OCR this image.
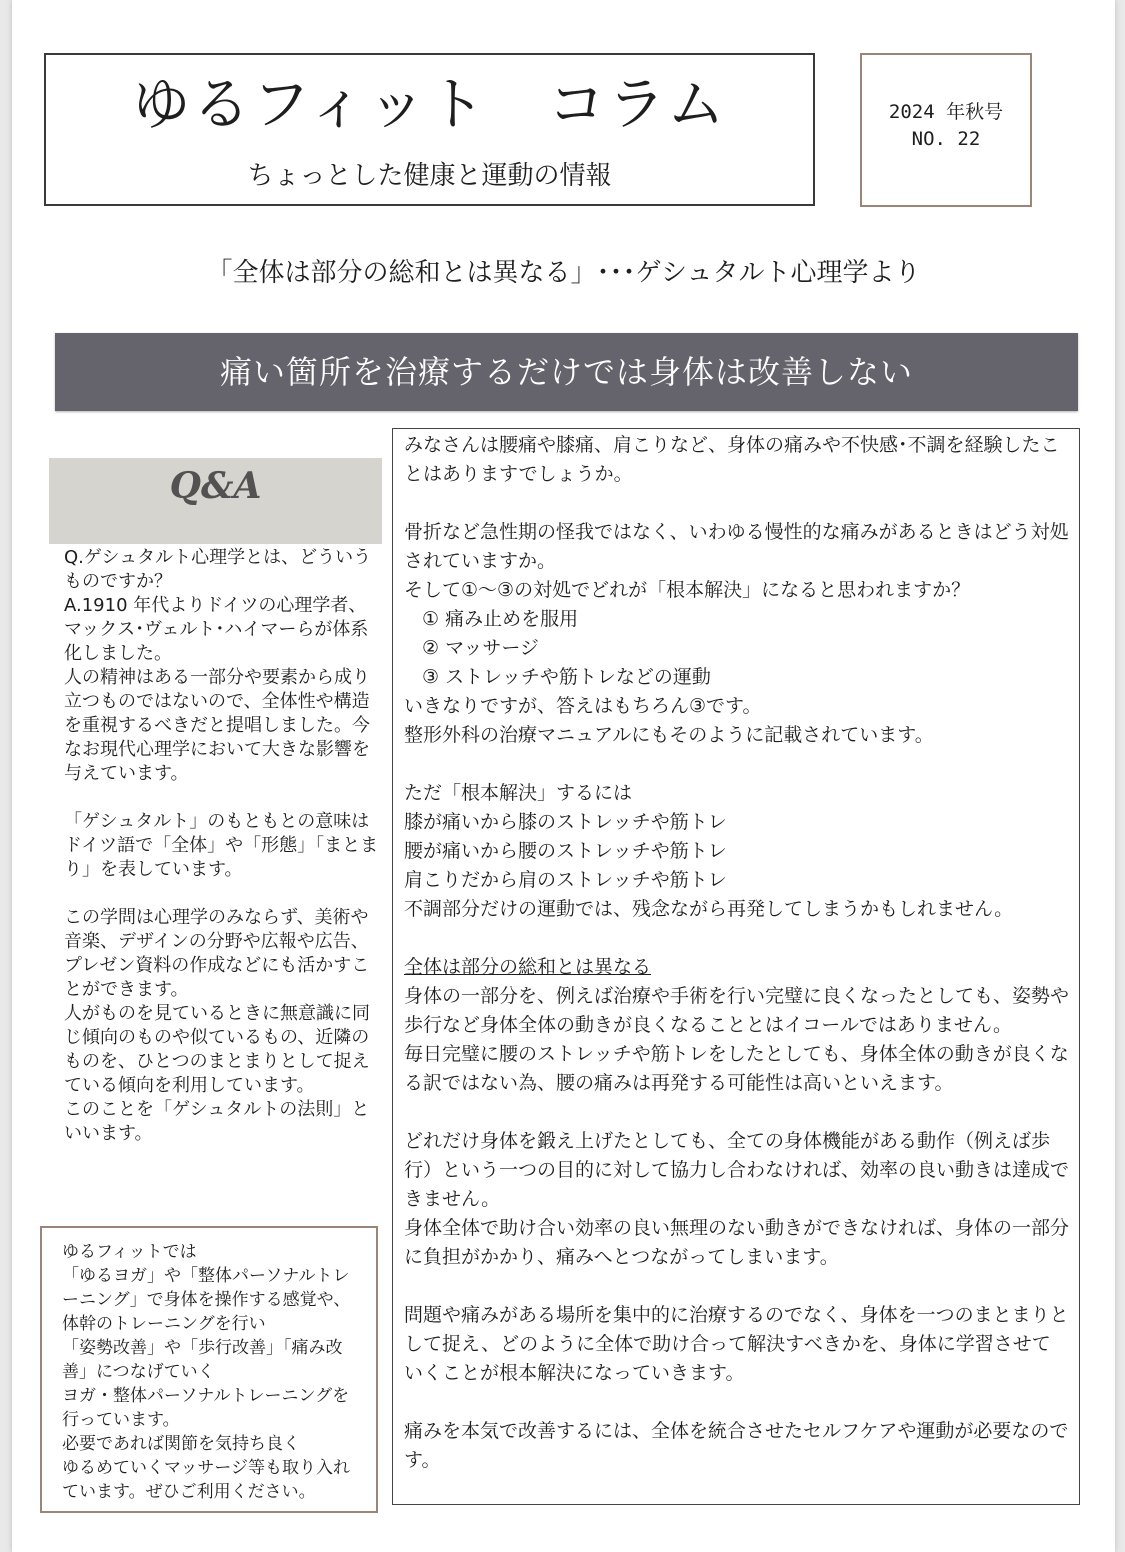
ゆるフィット　コラム
ちょっとした健康と運動の情報
2024 年秋号
NO. 22
「全体は部分の総和とは異なる」･･･ゲシュタルト心理学より
痛い箇所を治療するだけでは身体は改善しない
Q&A

Q.ゲシュタルト心理学とは、どういうものですか？
A.1910 年代よりドイツの心理学者、マックス･ヴェルト･ハイマーらが体系化しました。
人の精神はある一部分や要素から成り立つものではないので、全体性や構造を重視するべきだと提唱しました。今なお現代心理学において大きな影響を与えています。

「ゲシュタルト」のもともとの意味はドイツ語で「全体」や「形態」「まとまり」を表しています。

この学問は心理学のみならず、美術や音楽、デザインの分野や広報や広告、プレゼン資料の作成などにも活かすことができます。
人がものを見ているときに無意識に同じ傾向のものや似ているもの、近隣のものを、ひとつのまとまりとして捉えている傾向を利用しています。
このことを「ゲシュタルトの法則」といいます。

ゆるフィットでは
「ゆるヨガ」や「整体パーソナルトレーニング」で身体を操作する感覚や、体幹のトレーニングを行い
「姿勢改善」や「歩行改善」「痛み改善」につなげていく
ヨガ・整体パーソナルトレーニングを行っています。
必要であれば関節を気持ち良く
ゆるめていくマッサージ等も取り入れています。ぜひご利用ください。

みなさんは腰痛や膝痛、肩こりなど、身体の痛みや不快感･不調を経験したことはありますでしょうか。

骨折など急性期の怪我ではなく、いわゆる慢性的な痛みがあるときはどう対処されていますか。
そして①～③の対処でどれが「根本解決」になると思われますか？

① 痛み止めを服用

② マッサージ

③ ストレッチや筋トレなどの運動

いきなりですが、答えはもちろん③です。
整形外科の治療マニュアルにもそのように記載されています。

ただ「根本解決」するには
膝が痛いから膝のストレッチや筋トレ
腰が痛いから腰のストレッチや筋トレ
肩こりだから肩のストレッチや筋トレ
不調部分だけの運動では、残念ながら再発してしまうかもしれません。

全体は部分の総和とは異なる

身体の一部分を、例えば治療や手術を行い完璧に良くなったとしても、姿勢や歩行など身体全体の動きが良くなることとはイコールではありません。
毎日完璧に腰のストレッチや筋トレをしたとしても、身体全体の動きが良くなる訳ではない為、腰の痛みは再発する可能性は高いといえます。

どれだけ身体を鍛え上げたとしても、全ての身体機能がある動作（例えば歩行）という一つの目的に対して協力し合わなければ、効率の良い動きは達成できません。
身体全体で助け合い効率の良い無理のない動きができなければ、身体の一部分に負担がかかり、痛みへとつながってしまいます。

問題や痛みがある場所を集中的に治療するのでなく、身体を一つのまとまりとして捉え、どのように全体で助け合って解決すべきかを、身体に学習させていくことが根本解決になっていきます。

痛みを本気で改善するには、全体を統合させたセルフケアや運動が必要なのです。
